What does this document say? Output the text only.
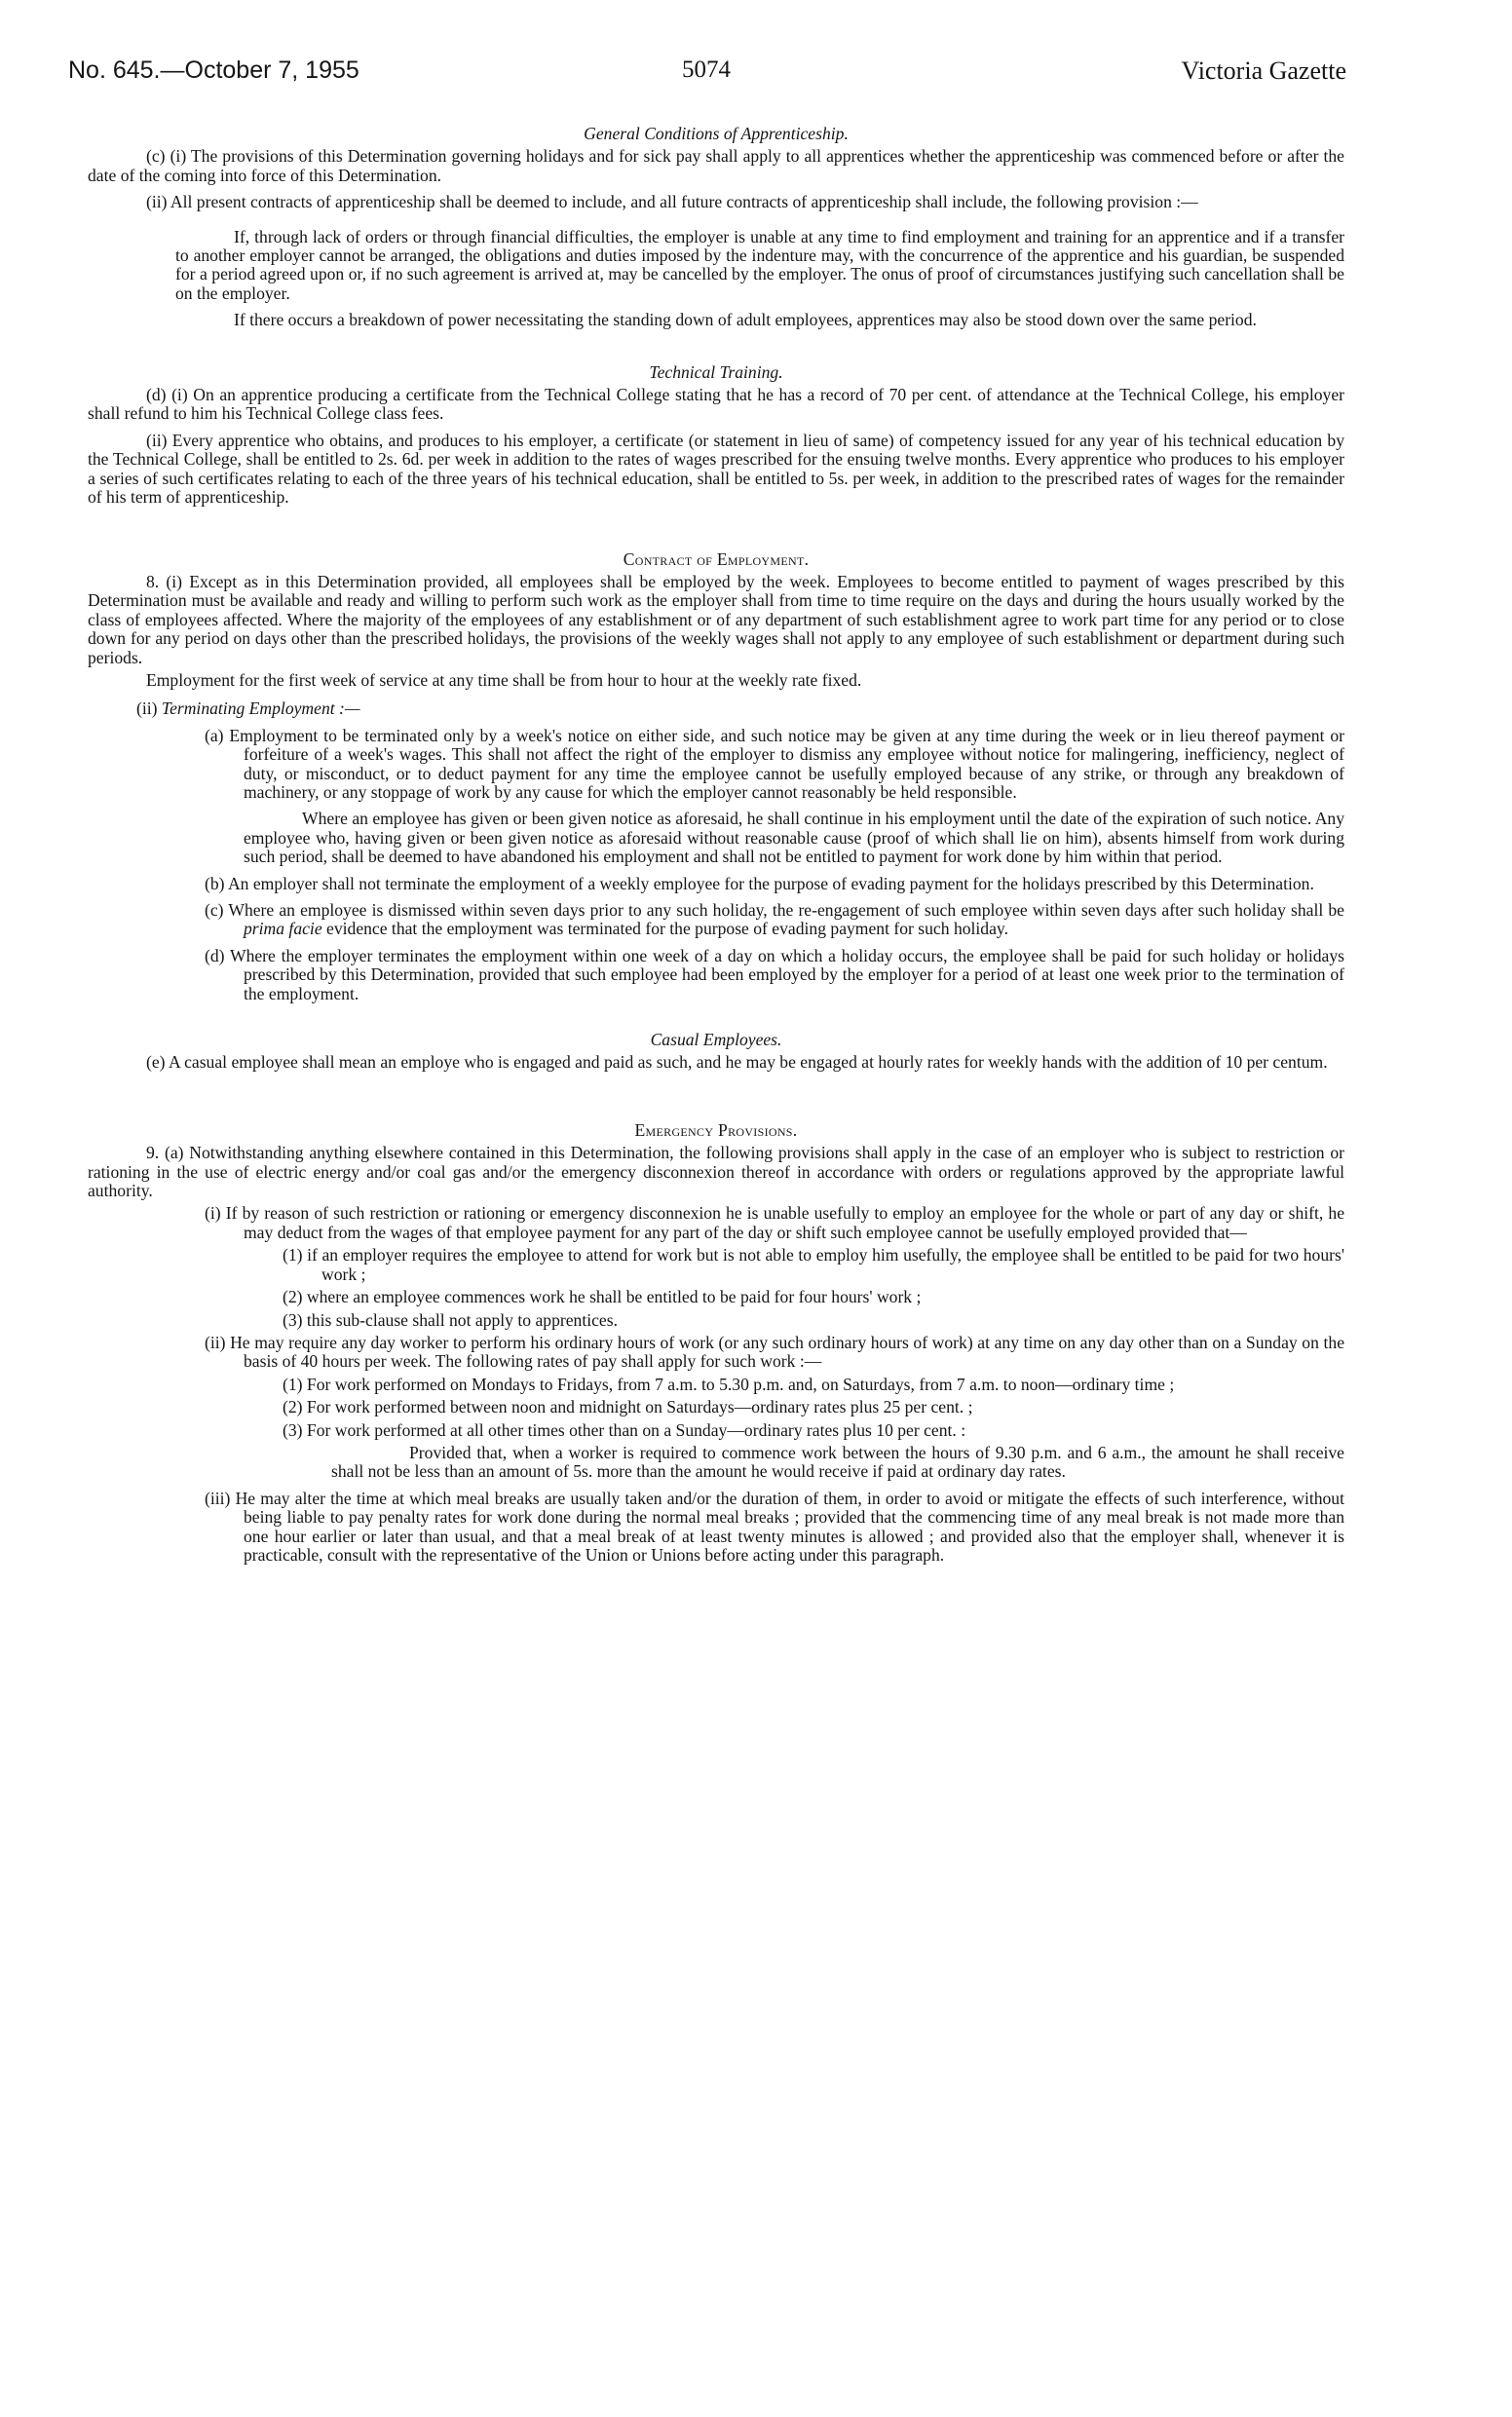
No. 645.—October 7, 1955	5074	Victoria Gazette

General Conditions of Apprenticeship.

(c) (i) The provisions of this Determination governing holidays and for sick pay shall apply to all apprentices whether the apprenticeship was commenced before or after the date of the coming into force of this Determination.

(ii) All present contracts of apprenticeship shall be deemed to include, and all future contracts of apprenticeship shall include, the following provision :—

If, through lack of orders or through financial difficulties, the employer is unable at any time to find employment and training for an apprentice and if a transfer to another employer cannot be arranged, the obligations and duties imposed by the indenture may, with the concurrence of the apprentice and his guardian, be suspended for a period agreed upon or, if no such agreement is arrived at, may be cancelled by the employer. The onus of proof of circumstances justifying such cancellation shall be on the employer.

If there occurs a breakdown of power necessitating the standing down of adult employees, apprentices may also be stood down over the same period.

Technical Training.

(d) (i) On an apprentice producing a certificate from the Technical College stating that he has a record of 70 per cent. of attendance at the Technical College, his employer shall refund to him his Technical College class fees.

(ii) Every apprentice who obtains, and produces to his employer, a certificate (or statement in lieu of same) of competency issued for any year of his technical education by the Technical College, shall be entitled to 2s. 6d. per week in addition to the rates of wages prescribed for the ensuing twelve months. Every apprentice who produces to his employer a series of such certificates relating to each of the three years of his technical education, shall be entitled to 5s. per week, in addition to the prescribed rates of wages for the remainder of his term of apprenticeship.

Contract of Employment.

8. (i) Except as in this Determination provided, all employees shall be employed by the week. Employees to become entitled to payment of wages prescribed by this Determination must be available and ready and willing to perform such work as the employer shall from time to time require on the days and during the hours usually worked by the class of employees affected. Where the majority of the employees of any establishment or of any department of such establishment agree to work part time for any period or to close down for any period on days other than the prescribed holidays, the provisions of the weekly wages shall not apply to any employee of such establishment or department during such periods.

Employment for the first week of service at any time shall be from hour to hour at the weekly rate fixed.

(ii) Terminating Employment :—

(a) Employment to be terminated only by a week's notice on either side, and such notice may be given at any time during the week or in lieu thereof payment or forfeiture of a week's wages. This shall not affect the right of the employer to dismiss any employee without notice for malingering, inefficiency, neglect of duty, or misconduct, or to deduct payment for any time the employee cannot be usefully employed because of any strike, or through any breakdown of machinery, or any stoppage of work by any cause for which the employer cannot reasonably be held responsible.

Where an employee has given or been given notice as aforesaid, he shall continue in his employment until the date of the expiration of such notice. Any employee who, having given or been given notice as aforesaid without reasonable cause (proof of which shall lie on him), absents himself from work during such period, shall be deemed to have abandoned his employment and shall not be entitled to payment for work done by him within that period.

(b) An employer shall not terminate the employment of a weekly employee for the purpose of evading payment for the holidays prescribed by this Determination.

(c) Where an employee is dismissed within seven days prior to any such holiday, the re-engagement of such employee within seven days after such holiday shall be prima facie evidence that the employment was terminated for the purpose of evading payment for such holiday.

(d) Where the employer terminates the employment within one week of a day on which a holiday occurs, the employee shall be paid for such holiday or holidays prescribed by this Determination, provided that such employee had been employed by the employer for a period of at least one week prior to the termination of the employment.

Casual Employees.

(e) A casual employee shall mean an employe who is engaged and paid as such, and he may be engaged at hourly rates for weekly hands with the addition of 10 per centum.

Emergency Provisions.

9. (a) Notwithstanding anything elsewhere contained in this Determination, the following provisions shall apply in the case of an employer who is subject to restriction or rationing in the use of electric energy and/or coal gas and/or the emergency disconnexion thereof in accordance with orders or regulations approved by the appropriate lawful authority.

(i) If by reason of such restriction or rationing or emergency disconnexion he is unable usefully to employ an employee for the whole or part of any day or shift, he may deduct from the wages of that employee payment for any part of the day or shift such employee cannot be usefully employed provided that—

(1) if an employer requires the employee to attend for work but is not able to employ him usefully, the employee shall be entitled to be paid for two hours' work ;

(2) where an employee commences work he shall be entitled to be paid for four hours' work ;

(3) this sub-clause shall not apply to apprentices.

(ii) He may require any day worker to perform his ordinary hours of work (or any such ordinary hours of work) at any time on any day other than on a Sunday on the basis of 40 hours per week. The following rates of pay shall apply for such work :—

(1) For work performed on Mondays to Fridays, from 7 a.m. to 5.30 p.m. and, on Saturdays, from 7 a.m. to noon—ordinary time ;

(2) For work performed between noon and midnight on Saturdays—ordinary rates plus 25 per cent. ;

(3) For work performed at all other times other than on a Sunday—ordinary rates plus 10 per cent. :

Provided that, when a worker is required to commence work between the hours of 9.30 p.m. and 6 a.m., the amount he shall receive shall not be less than an amount of 5s. more than the amount he would receive if paid at ordinary day rates.

(iii) He may alter the time at which meal breaks are usually taken and/or the duration of them, in order to avoid or mitigate the effects of such interference, without being liable to pay penalty rates for work done during the normal meal breaks ; provided that the commencing time of any meal break is not made more than one hour earlier or later than usual, and that a meal break of at least twenty minutes is allowed ; and provided also that the employer shall, whenever it is practicable, consult with the representative of the Union or Unions before acting under this paragraph.
